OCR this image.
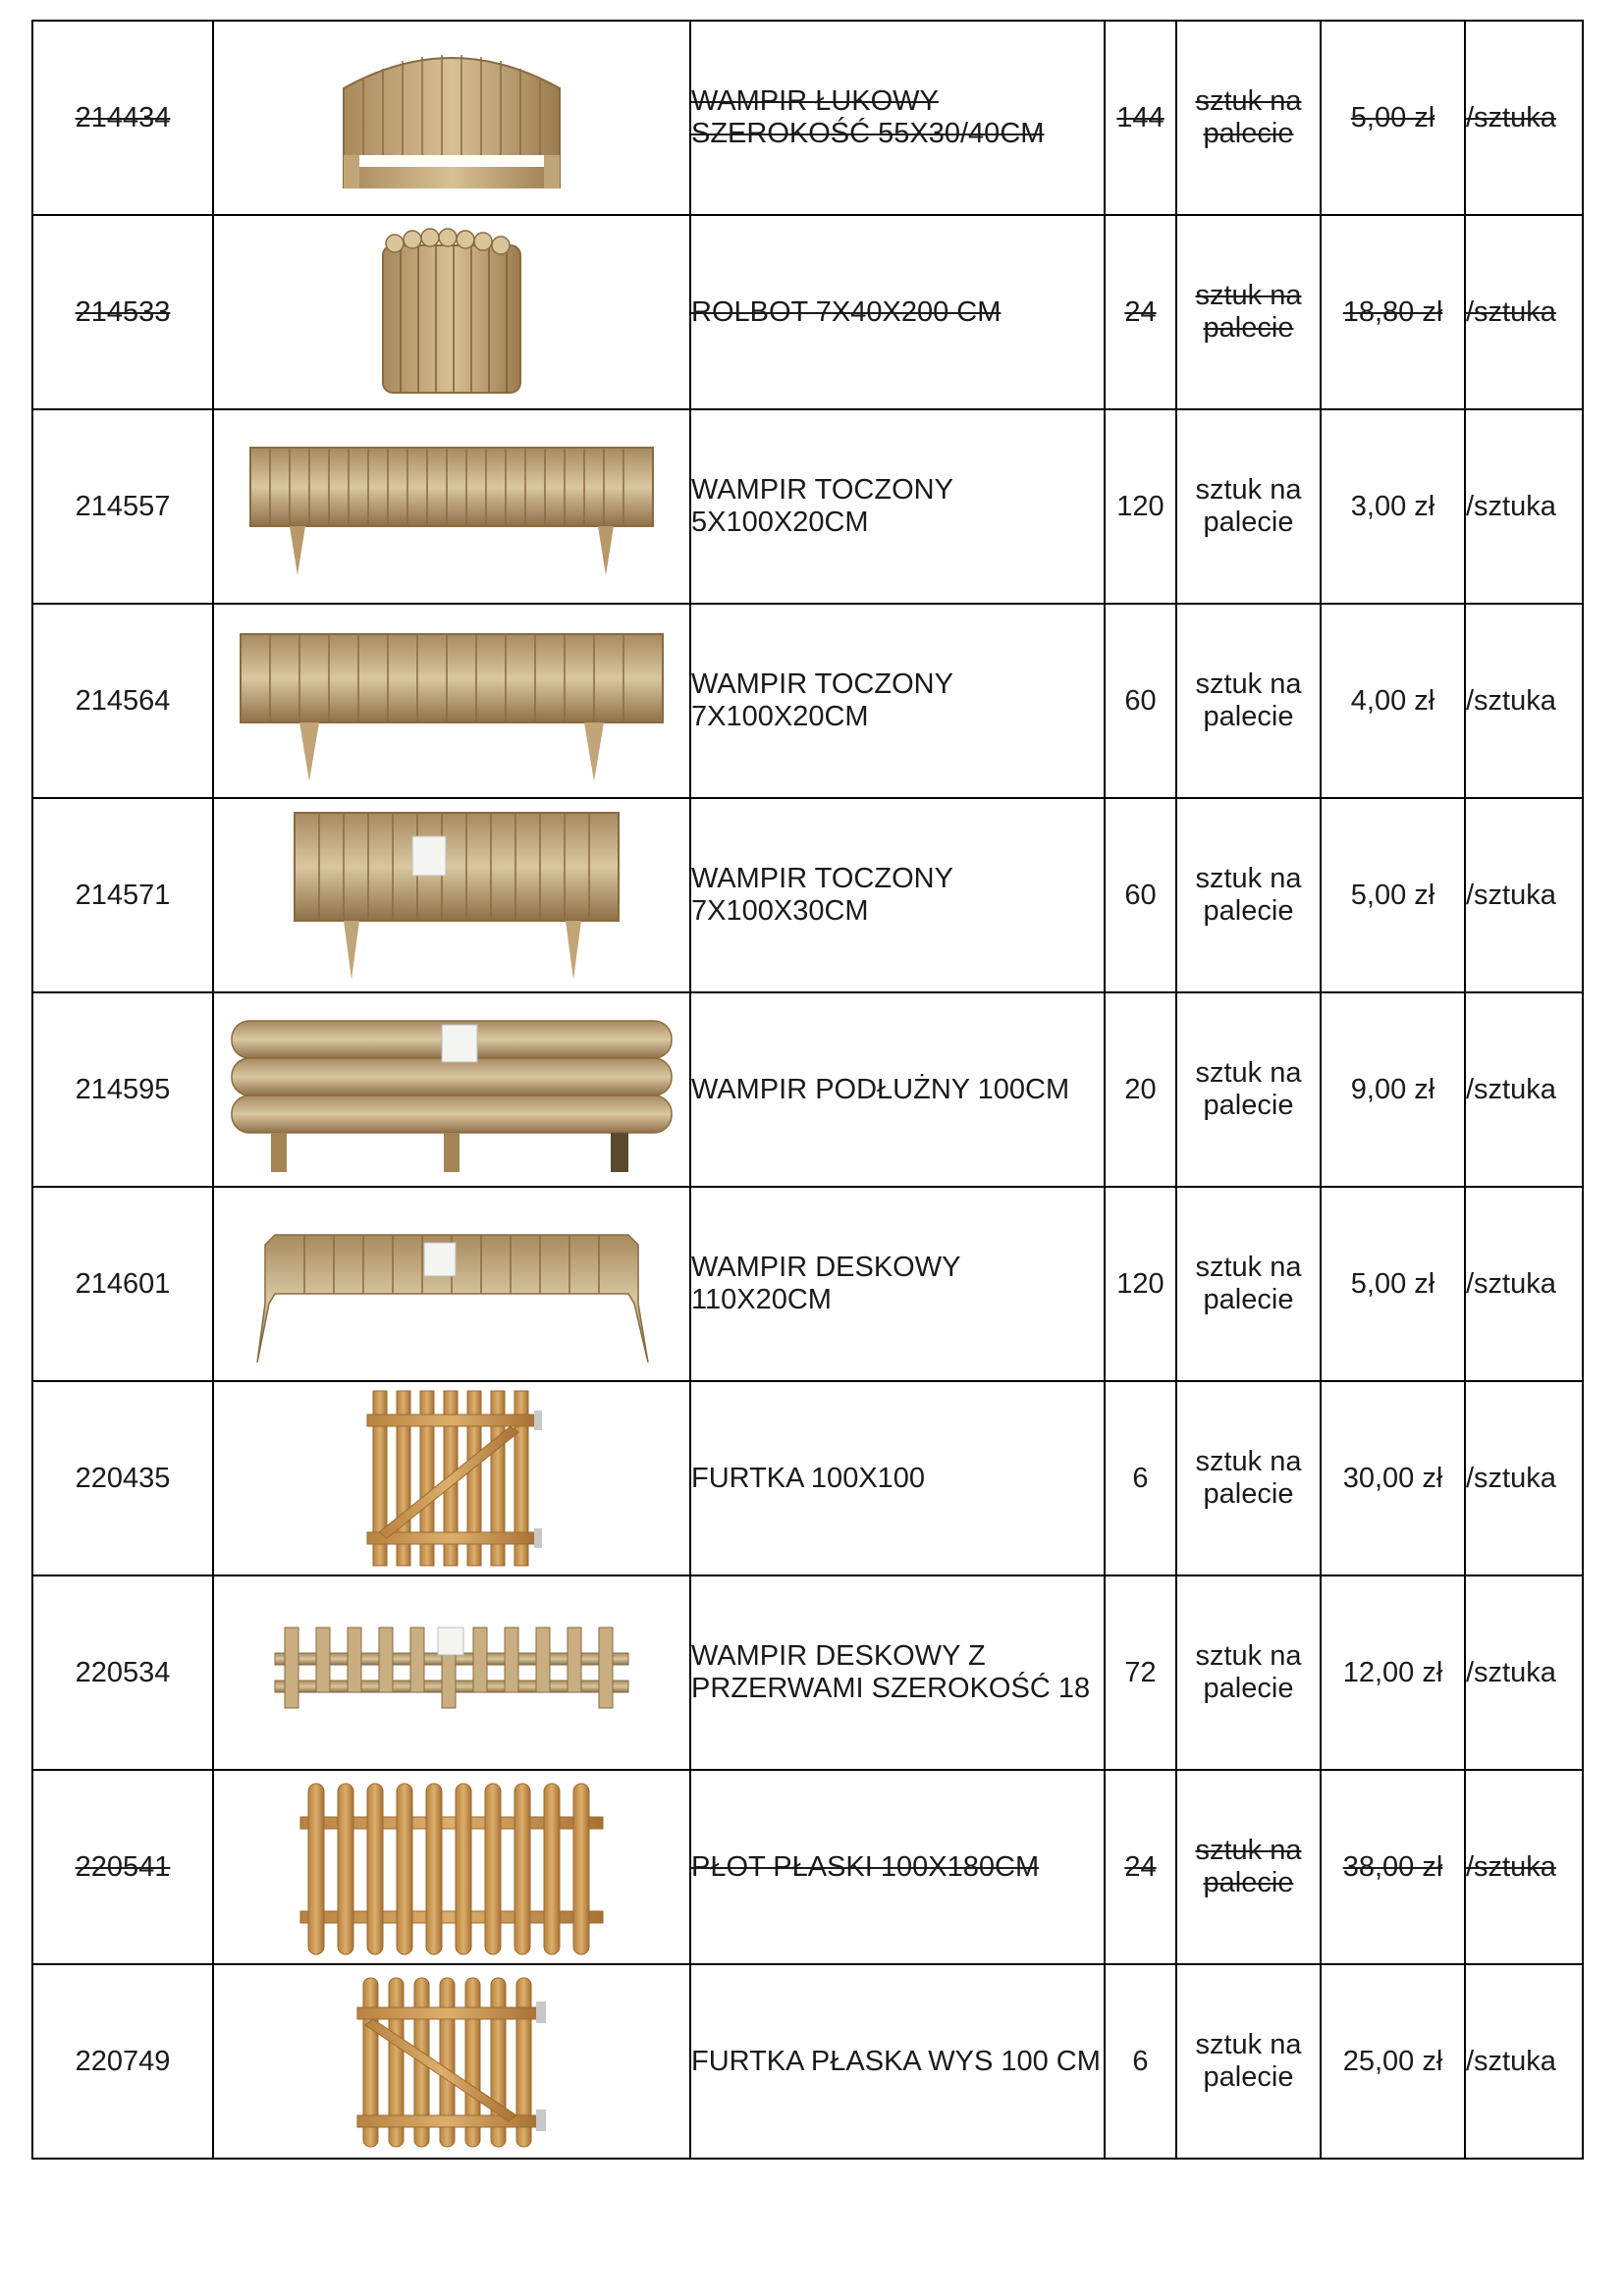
214434		WAMPIR ŁUKOWY SZEROKOŚĆ 55X30/40CM	144	sztuk na palecie	5,00 zł	/sztuka
214533		ROLBOT 7X40X200 CM	24	sztuk na palecie	18,80 zł	/sztuka
214557		WAMPIR TOCZONY 5X100X20CM	120	sztuk na palecie	3,00 zł	/sztuka
214564		WAMPIR TOCZONY 7X100X20CM	60	sztuk na palecie	4,00 zł	/sztuka
214571		WAMPIR TOCZONY 7X100X30CM	60	sztuk na palecie	5,00 zł	/sztuka
214595		WAMPIR PODŁUŻNY 100CM	20	sztuk na palecie	9,00 zł	/sztuka
214601		WAMPIR DESKOWY 110X20CM	120	sztuk na palecie	5,00 zł	/sztuka
220435		FURTKA 100X100	6	sztuk na palecie	30,00 zł	/sztuka
220534		WAMPIR DESKOWY Z PRZERWAMI SZEROKOŚĆ 18	72	sztuk na palecie	12,00 zł	/sztuka
220541		PŁOT PŁASKI 100X180CM	24	sztuk na palecie	38,00 zł	/sztuka
220749		FURTKA PŁASKA WYS 100 CM	6	sztuk na palecie	25,00 zł	/sztuka
